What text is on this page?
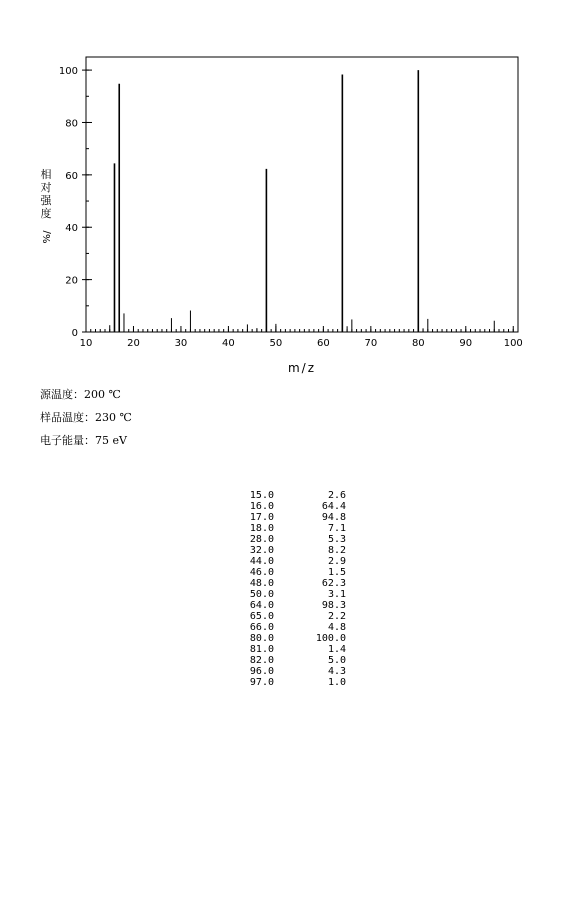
相
对
强
度
%/
10	20	30	40	50	60	70	80	90	100
0
20
40
60
80
100
m/z
源温度：200 ℃
样品温度：230 ℃
电子能量：75 eV
15.0	2.6
16.0	64.4
17.0	94.8
18.0	7.1
28.0	5.3
32.0	8.2
44.0	2.9
46.0	1.5
48.0	62.3
50.0	3.1
64.0	98.3
65.0	2.2
66.0	4.8
80.0	100.0
81.0	1.4
82.0	5.0
96.0	4.3
97.0	1.0
